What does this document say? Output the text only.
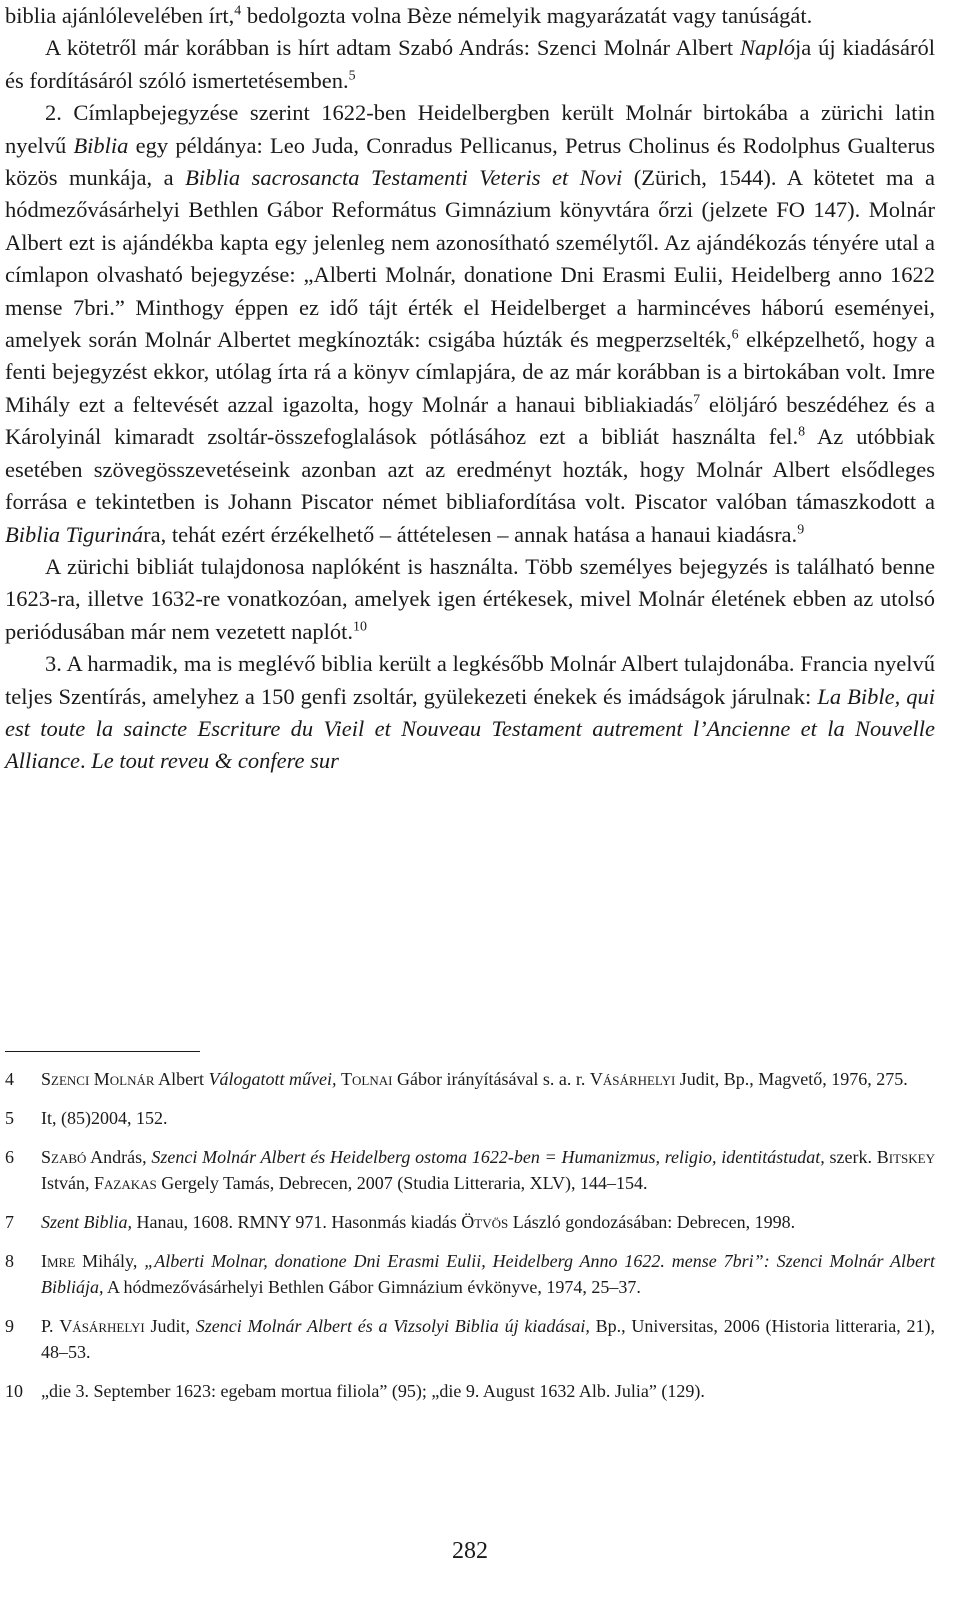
biblia ajánlólevelében írt,$^4$ bedolgozta volna Bèze némelyik magyarázatát vagy tanúságát.

A kötetről már korábban is hírt adtam Szabó András: Szenci Molnár Albert Naplója új kiadásáról és fordításáról szóló ismertetésemben.$^5$

2. Címlapbejegyzése szerint 1622-ben Heidelbergben került Molnár birtokába a zürichi latin nyelvű Biblia egy példánya: Leo Juda, Conradus Pellicanus, Petrus Cholinus és Rodolphus Gualterus közös munkája, a Biblia sacrosancta Testamenti Veteris et Novi (Zürich, 1544). A kötetet ma a hódmezővásárhelyi Bethlen Gábor Református Gimnázium könyvtára őrzi (jelzete FO 147). Molnár Albert ezt is ajándékba kapta egy jelenleg nem azonosítható személytől. Az ajándékozás tényére utal a címlapon olvasható bejegyzése: „Alberti Molnár, donatione Dni Erasmi Eulii, Heidelberg anno 1622 mense 7bri.” Minthogy éppen ez idő tájt érték el Heidelberget a harmincéves háború eseményei, amelyek során Molnár Albertet megkínozták: csigába húzták és megperzselték,$^6$ elképzelhető, hogy a fenti bejegyzést ekkor, utólag írta rá a könyv címlapjára, de az már korábban is a birtokában volt. Imre Mihály ezt a feltevését azzal igazolta, hogy Molnár a hanaui bibliakiadás$^7$ elöljáró beszédéhez és a Károlyinál kimaradt zsoltár-összefoglalások pótlásához ezt a bibliát használta fel.$^8$ Az utóbbiak esetében szövegösszevetéseink azonban azt az eredményt hozták, hogy Molnár Albert elsődleges forrása e tekintetben is Johann Piscator német bibliafordítása volt. Piscator valóban támaszkodott a Biblia Tigurinára, tehát ezért érzékelhető – áttételesen – annak hatása a hanaui kiadásra.$^9$

A zürichi bibliát tulajdonosa naplóként is használta. Több személyes bejegyzés is található benne 1623-ra, illetve 1632-re vonatkozóan, amelyek igen értékesek, mivel Molnár életének ebben az utolsó periódusában már nem vezetett naplót.$^{10}$

3. A harmadik, ma is meglévő biblia került a legkésőbb Molnár Albert tulajdonába. Francia nyelvű teljes Szentírás, amelyhez a 150 genfi zsoltár, gyülekezeti énekek és imádságok járulnak: La Bible, qui est toute la saincte Escriture du Vieil et Nouveau Testament autrement l’Ancienne et la Nouvelle Alliance. Le tout reveu & confere sur

4 Szenci Molnár Albert Válogatott művei, Tolnai Gábor irányításával s. a. r. Vásárhelyi Judit, Bp., Magvető, 1976, 275.
5 It, (85)2004, 152.
6 Szabó András, Szenci Molnár Albert és Heidelberg ostoma 1622-ben = Humanizmus, religio, identitástudat, szerk. Bitskey István, Fazakas Gergely Tamás, Debrecen, 2007 (Studia Litteraria, XLV), 144–154.
7 Szent Biblia, Hanau, 1608. RMNY 971. Hasonmás kiadás Ötvös László gondozásában: Debrecen, 1998.
8 Imre Mihály, „Alberti Molnar, donatione Dni Erasmi Eulii, Heidelberg Anno 1622. mense 7bri”: Szenci Molnár Albert Bibliája, A hódmezővásárhelyi Bethlen Gábor Gimnázium évkönyve, 1974, 25–37.
9 P. Vásárhelyi Judit, Szenci Molnár Albert és a Vizsolyi Biblia új kiadásai, Bp., Universitas, 2006 (Historia litteraria, 21), 48–53.
10 „die 3. September 1623: egebam mortua filiola” (95); „die 9. August 1632 Alb. Julia” (129).
282
